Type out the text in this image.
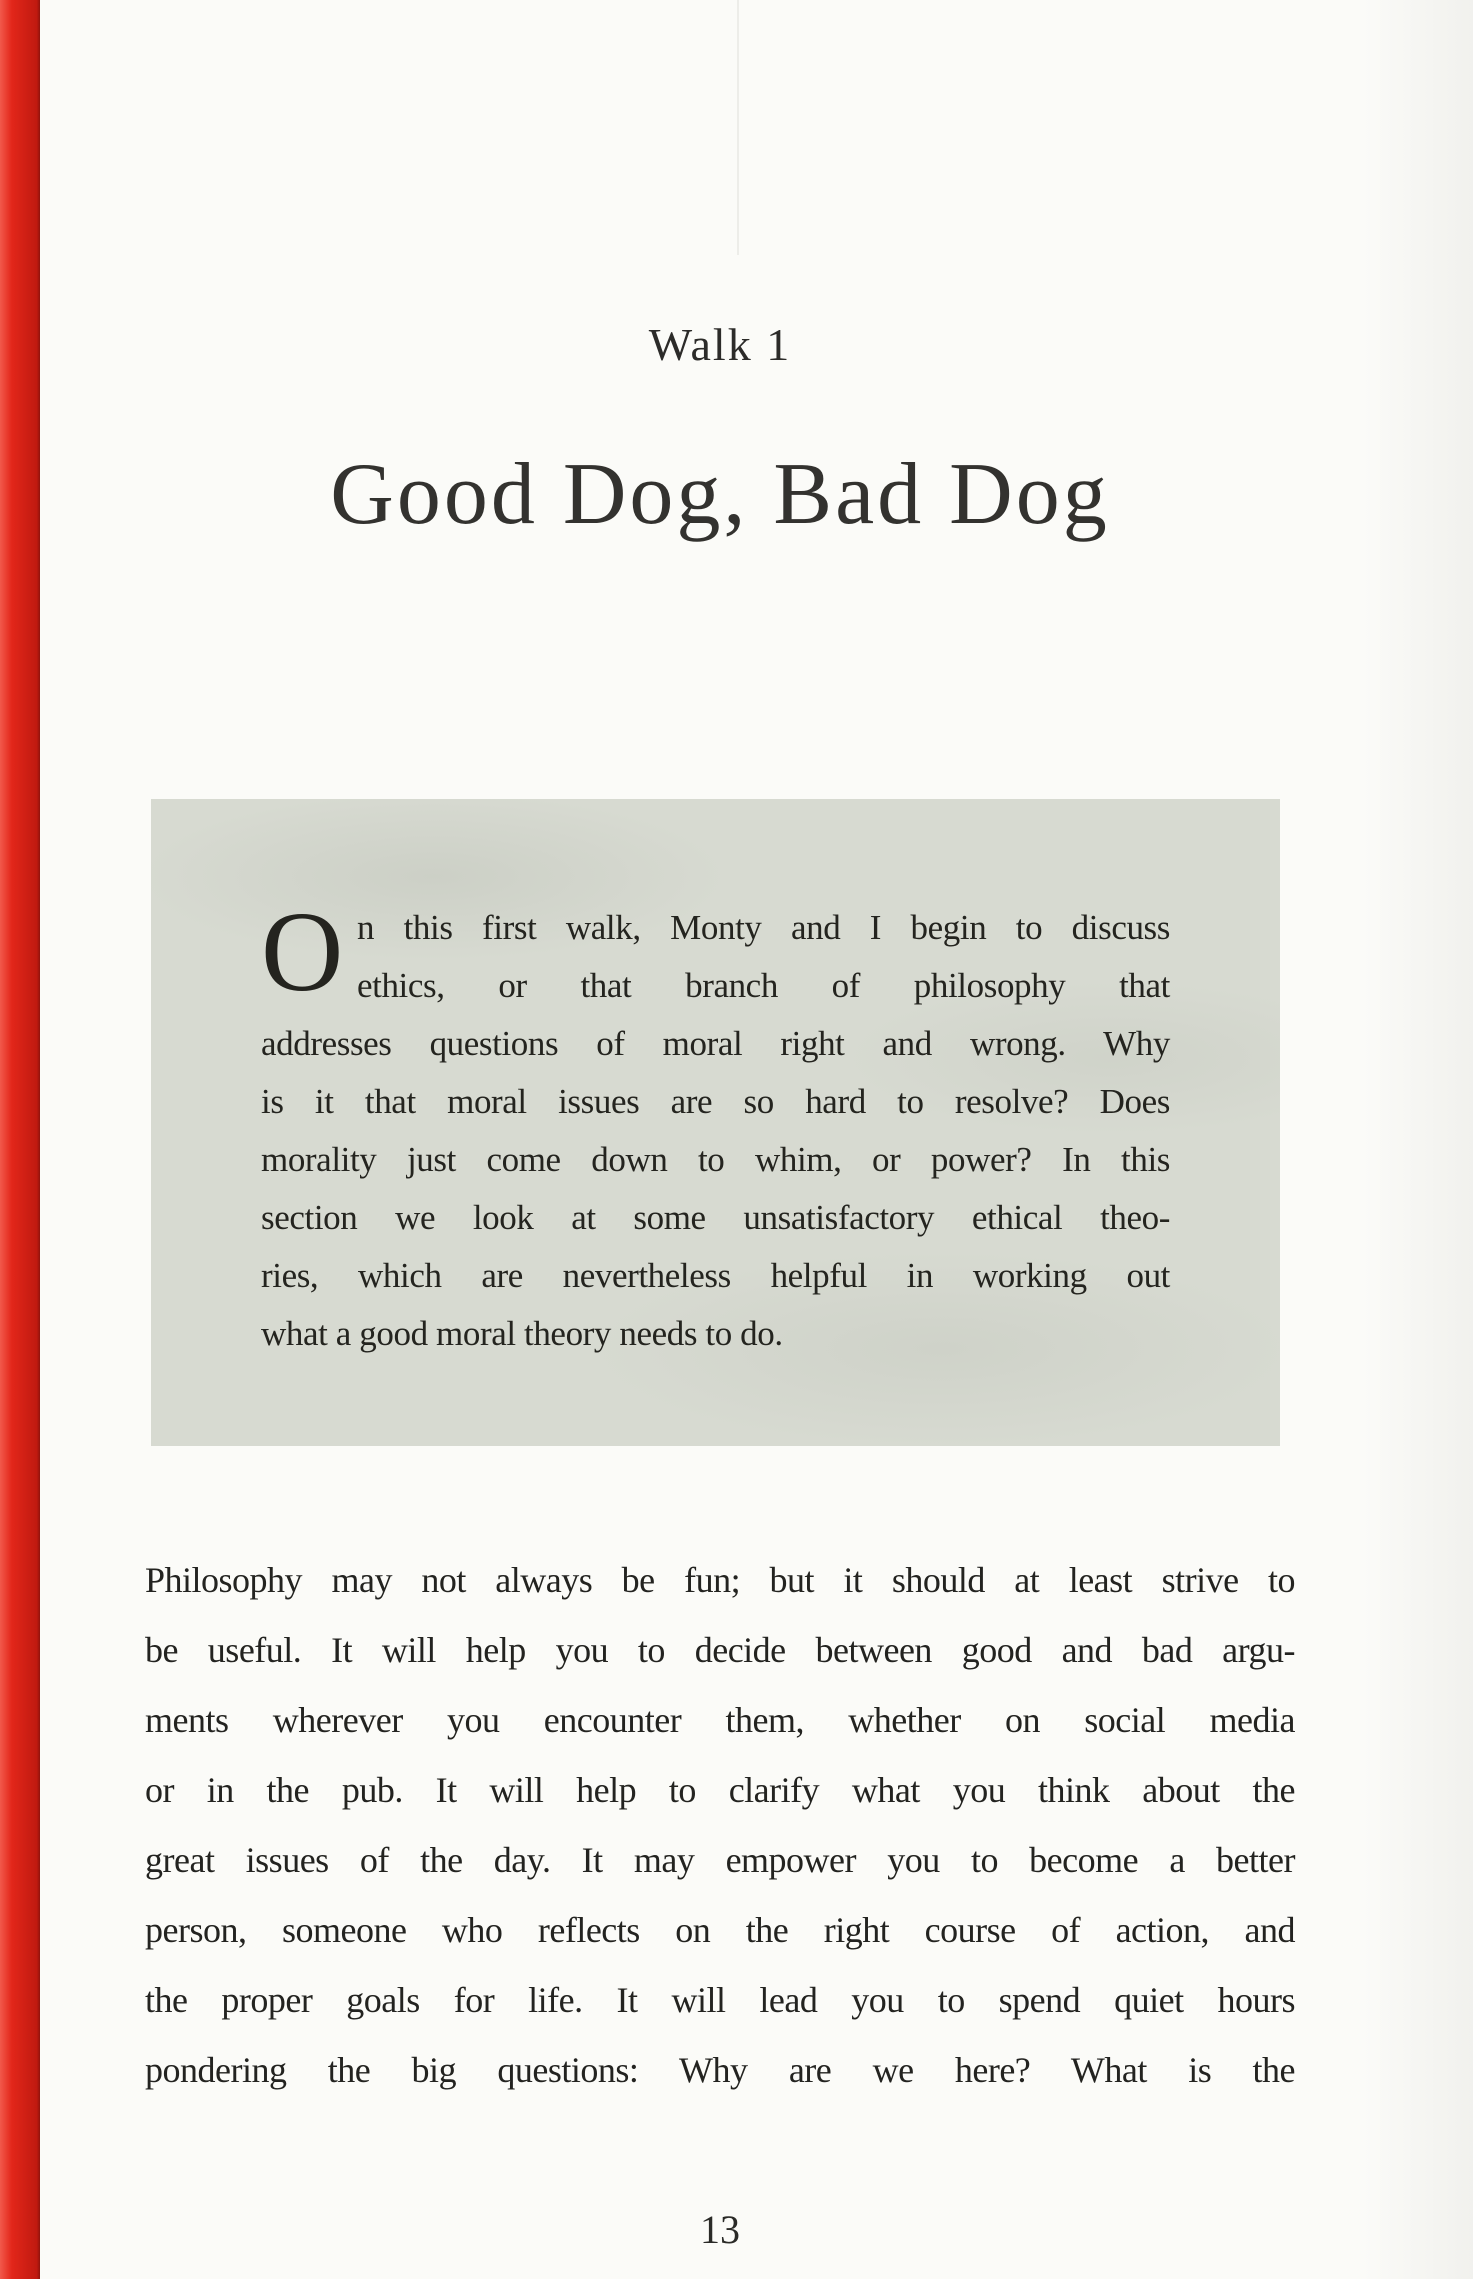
Walk 1
Good Dog, Bad Dog
O n this first walk, Monty and I begin to discuss
ethics, or that branch of philosophy that
addresses questions of moral right and wrong. Why
is it that moral issues are so hard to resolve? Does
morality just come down to whim, or power? In this
section we look at some unsatisfactory ethical theo-
ries, which are nevertheless helpful in working out
what a good moral theory needs to do.
Philosophy may not always be fun; but it should at least strive to
be useful. It will help you to decide between good and bad argu-
ments wherever you encounter them, whether on social media
or in the pub. It will help to clarify what you think about the
great issues of the day. It may empower you to become a better
person, someone who reflects on the right course of action, and
the proper goals for life. It will lead you to spend quiet hours
pondering the big questions: Why are we here? What is the
13
